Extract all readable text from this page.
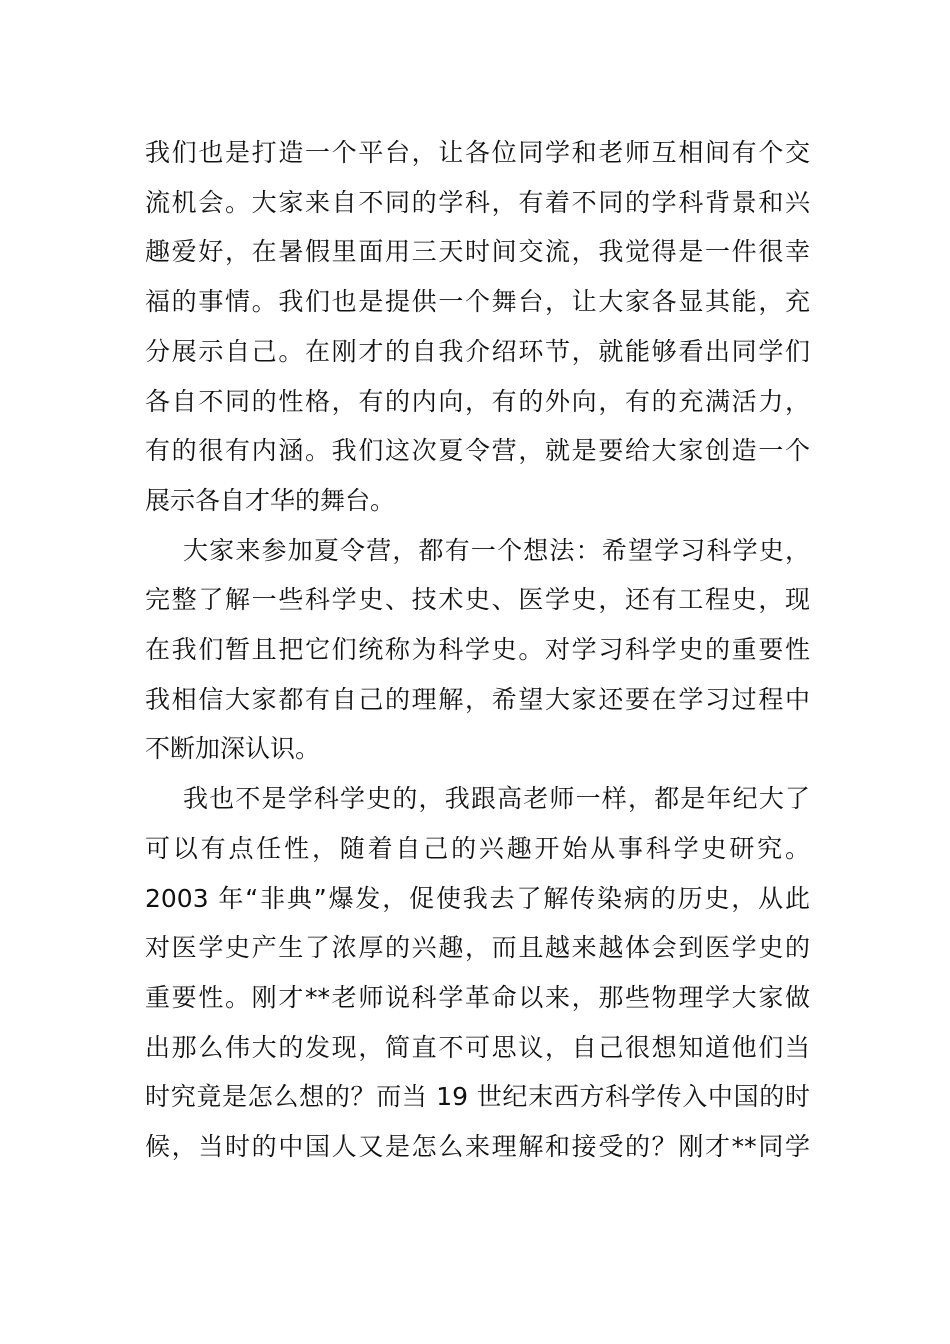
我们也是打造一个平台，让各位同学和老师互相间有个交
流机会。大家来自不同的学科，有着不同的学科背景和兴
趣爱好，在暑假里面用三天时间交流，我觉得是一件很幸
福的事情。我们也是提供一个舞台，让大家各显其能，充
分展示自己。在刚才的自我介绍环节，就能够看出同学们
各自不同的性格，有的内向，有的外向，有的充满活力，
有的很有内涵。我们这次夏令营，就是要给大家创造一个
展示各自才华的舞台。
大家来参加夏令营，都有一个想法：希望学习科学史，
完整了解一些科学史、技术史、医学史，还有工程史，现
在我们暂且把它们统称为科学史。对学习科学史的重要性
我相信大家都有自己的理解，希望大家还要在学习过程中
不断加深认识。
我也不是学科学史的，我跟高老师一样，都是年纪大了
可以有点任性，随着自己的兴趣开始从事科学史研究。
2003 年“非典”爆发，促使我去了解传染病的历史，从此
对医学史产生了浓厚的兴趣，而且越来越体会到医学史的
重要性。刚才**老师说科学革命以来，那些物理学大家做
出那么伟大的发现，简直不可思议，自己很想知道他们当
时究竟是怎么想的？而当 19 世纪末西方科学传入中国的时
候，当时的中国人又是怎么来理解和接受的？刚才**同学
